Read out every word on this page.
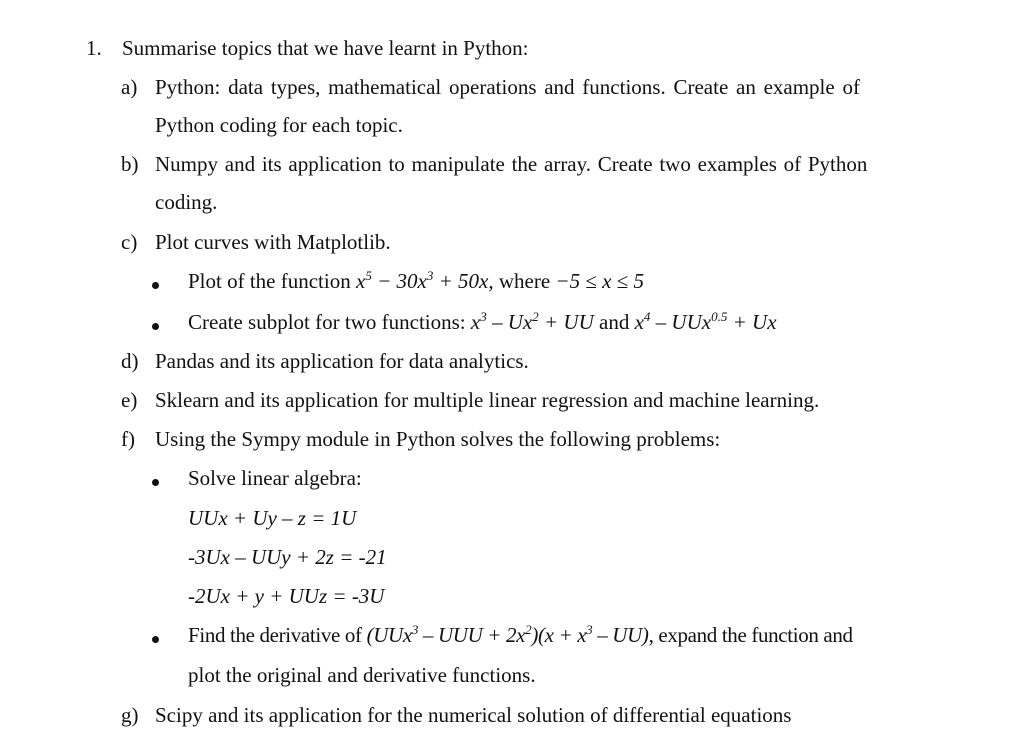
1. Summarise topics that we have learnt in Python:
a) Python: data types, mathematical operations and functions. Create an example of
Python coding for each topic.
b) Numpy and its application to manipulate the array. Create two examples of Python
coding.
c) Plot curves with Matplotlib.
Plot of the function $x^5 - 30x^3 + 50x$, where −5 ≤ x ≤ 5
Create subplot for two functions: $x^3 - Ux^2$ + UU and $x^4 - UUx^{0.5} + Ux$
d) Pandas and its application for data analytics.
e) Sklearn and its application for multiple linear regression and machine learning.
f) Using the Sympy module in Python solves the following problems:
Solve linear algebra:
UUx + Uy – z = 1U
-3Ux – UUy + 2z = -21
-2Ux + y + UUz = -3U
Find the derivative of (UUx$^3$ – UUU + $2x^2)(x + x^3 - UU)$, expand the function and
plot the original and derivative functions.
g) Scipy and its application for the numerical solution of differential equations
